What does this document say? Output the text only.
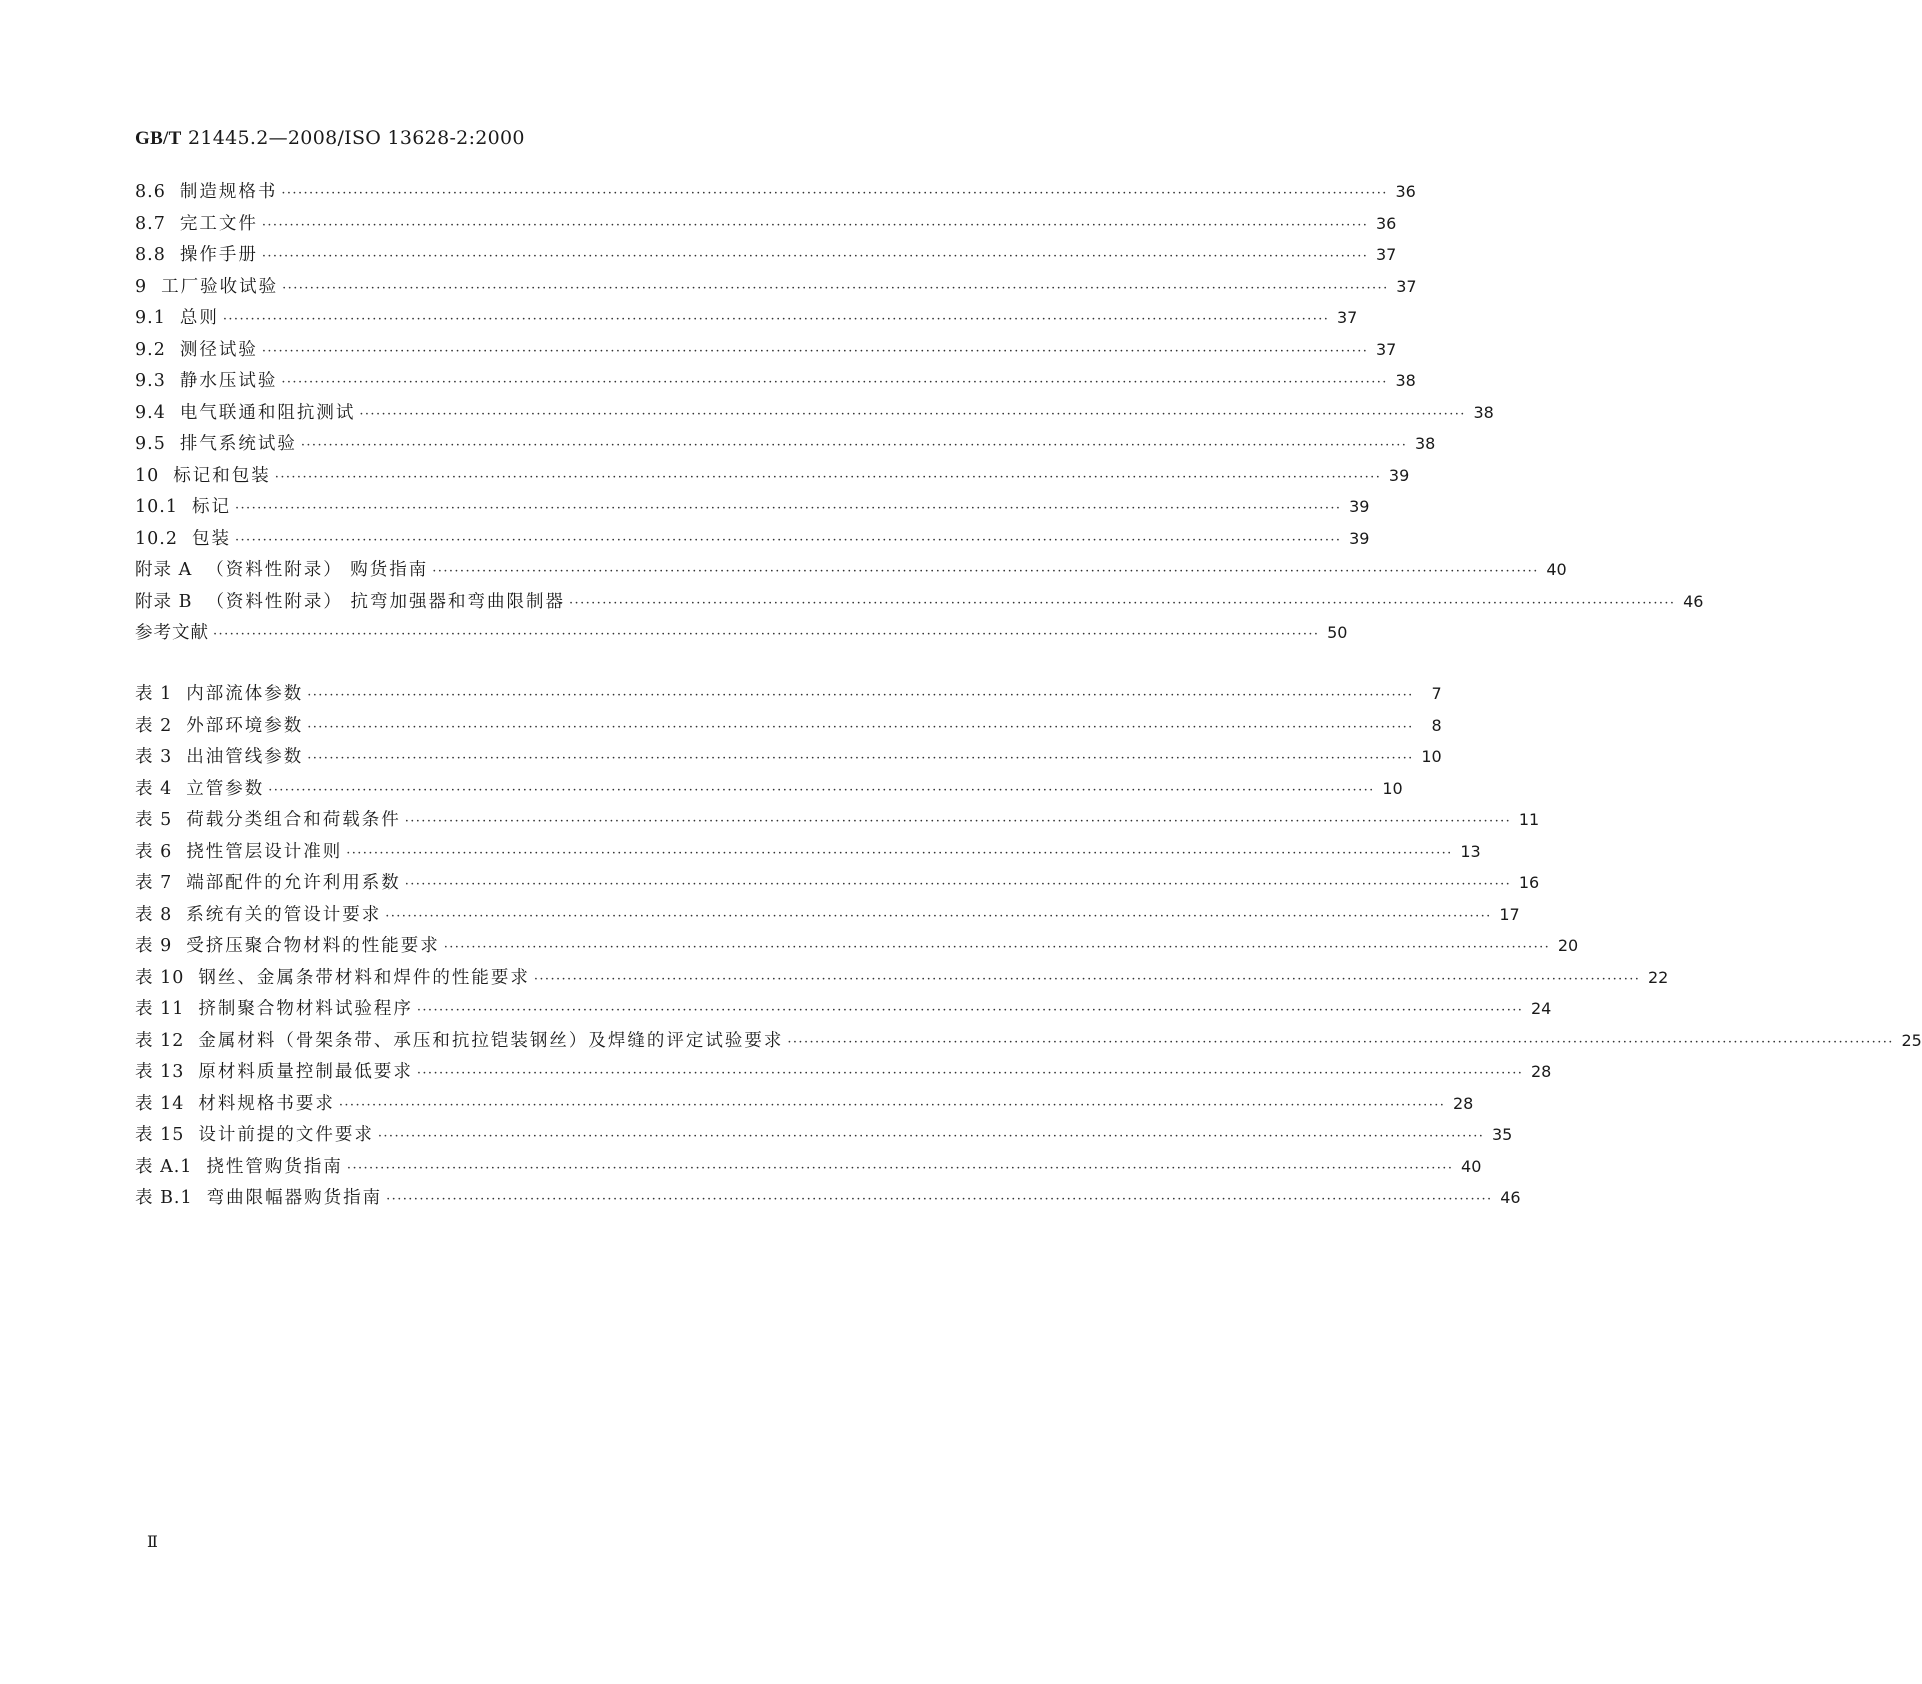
GB/T 21445.2—2008/ISO 13628-2:2000
8.6 制造规格书 ········································································································································································································ 36
8.7 完工文件 ········································································································································································································ 36
8.8 操作手册 ········································································································································································································ 37
9 工厂验收试验 ········································································································································································································ 37
9.1 总则 ········································································································································································································ 37
9.2 测径试验 ········································································································································································································ 37
9.3 静水压试验 ········································································································································································································ 38
9.4 电气联通和阻抗测试 ········································································································································································································ 38
9.5 排气系统试验 ········································································································································································································ 38
10 标记和包装 ········································································································································································································ 39
10.1 标记 ········································································································································································································ 39
10.2 包装 ········································································································································································································ 39
附录 A （资料性附录） 购货指南 ········································································································································································································ 40
附录 B （资料性附录） 抗弯加强器和弯曲限制器 ········································································································································································································ 46
参考文献 ········································································································································································································ 50
表 1 内部流体参数 ········································································································································································································	7
表 2 外部环境参数 ········································································································································································································	8
表 3 出油管线参数 ········································································································································································································ 10
表 4 立管参数 ········································································································································································································ 10
表 5 荷载分类组合和荷载条件 ········································································································································································································ 11
表 6 挠性管层设计准则 ········································································································································································································ 13
表 7 端部配件的允许利用系数 ········································································································································································································ 16
表 8 系统有关的管设计要求 ········································································································································································································ 17
表 9 受挤压聚合物材料的性能要求 ········································································································································································································ 20
表 10 钢丝、金属条带材料和焊件的性能要求 ········································································································································································································ 22
表 11 挤制聚合物材料试验程序 ········································································································································································································ 24
表 12 金属材料（骨架条带、承压和抗拉铠装钢丝）及焊缝的评定试验要求 ········································································································································································································ 25
表 13 原材料质量控制最低要求 ········································································································································································································ 28
表 14 材料规格书要求 ········································································································································································································ 28
表 15 设计前提的文件要求 ········································································································································································································ 35
表 A.1 挠性管购货指南 ········································································································································································································ 40
表 B.1 弯曲限幅器购货指南 ········································································································································································································ 46
Ⅱ
